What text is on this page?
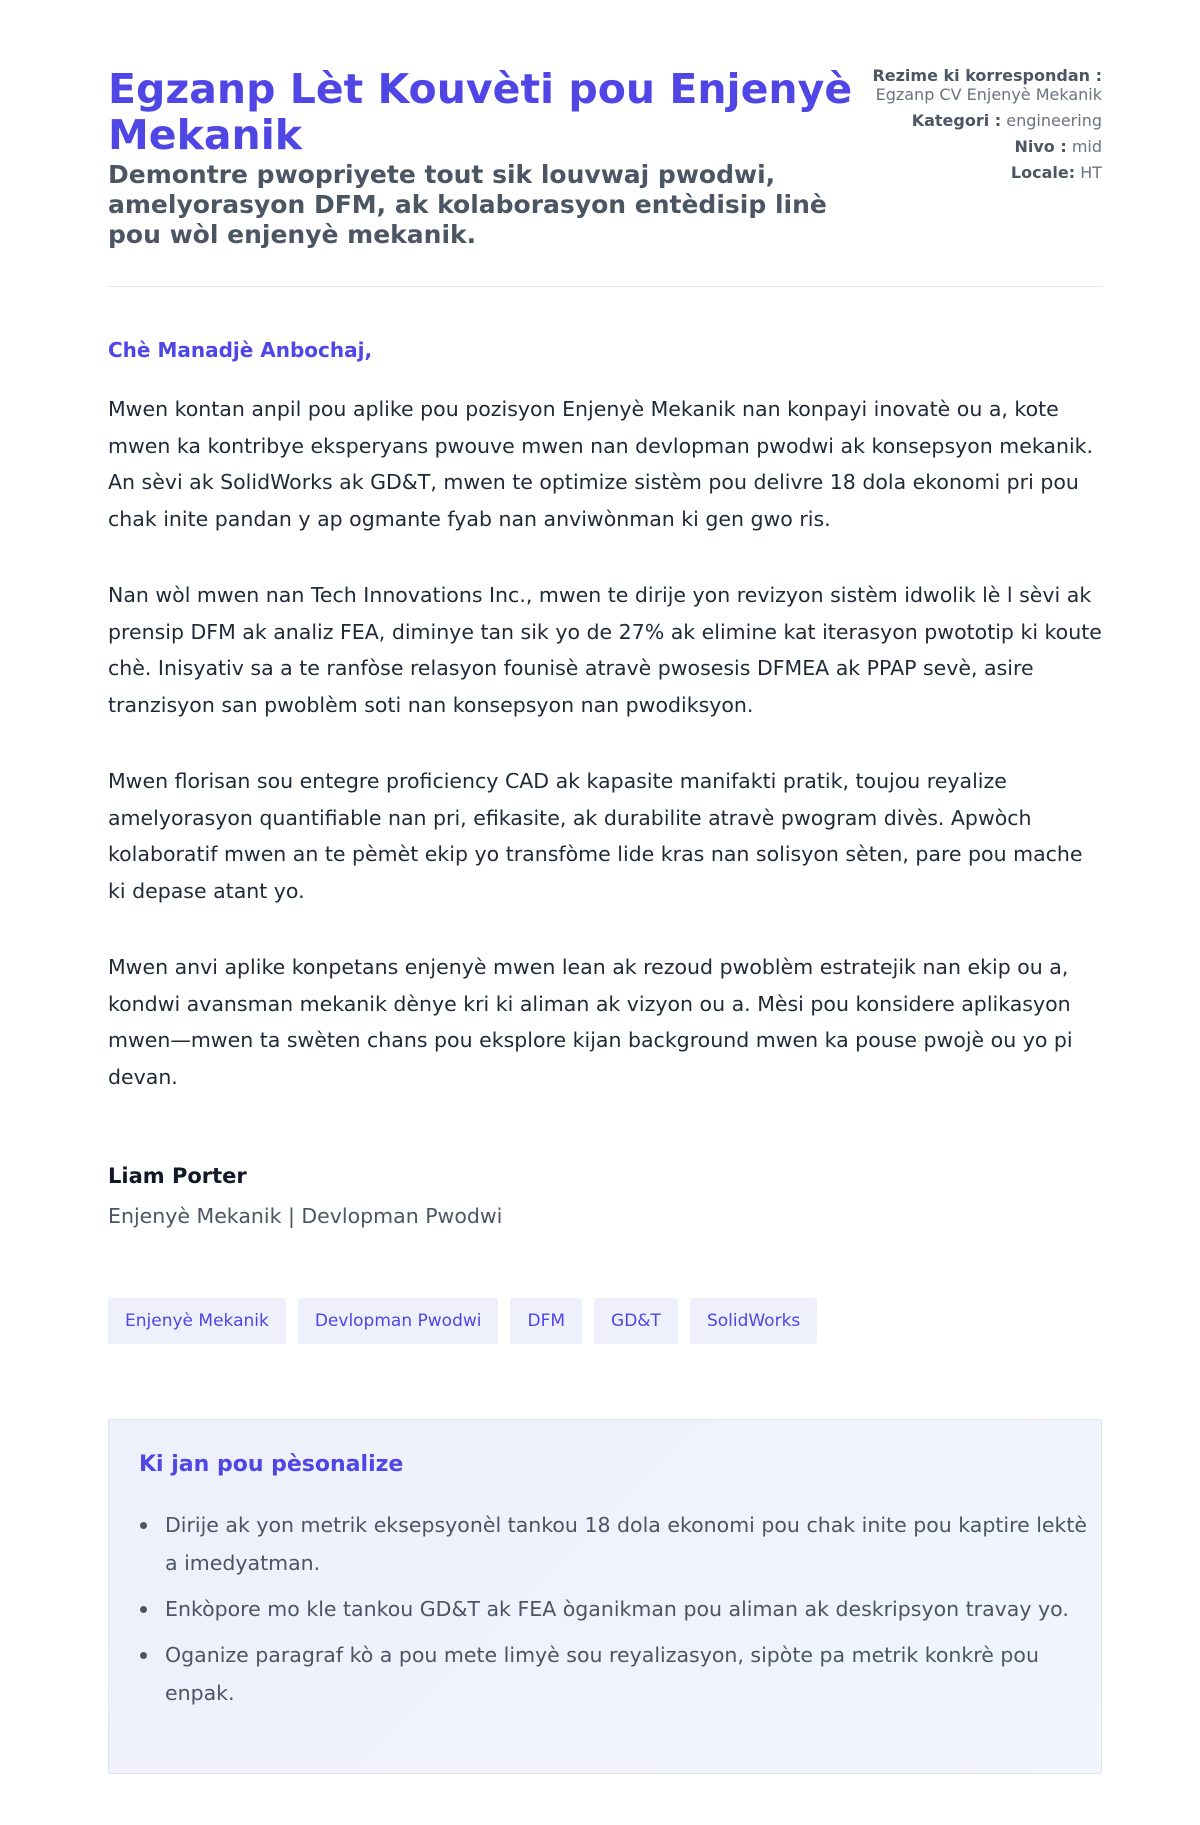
Egzanp Lèt Kouvèti pou Enjenyè Mekanik
Demontre pwopriyete tout sik louvwaj pwodwi, amelyorasyon DFM, ak kolaborasyon entèdisip linè pou wòl enjenyè mekanik.
Rezime ki korrespondan : Egzanp CV Enjenyè Mekanik
Kategori : engineering
Nivo : mid
Locale: HT

Chè Manadjè Anbochaj,

Mwen kontan anpil pou aplike pou pozisyon Enjenyè Mekanik nan konpayi inovatè ou a, kote mwen ka kontribye eksperyans pwouve mwen nan devlopman pwodwi ak konsepsyon mekanik. An sèvi ak SolidWorks ak GD&T, mwen te optimize sistèm pou delivre 18 dola ekonomi pri pou chak inite pandan y ap ogmante fyab nan anviwònman ki gen gwo ris.

Nan wòl mwen nan Tech Innovations Inc., mwen te dirije yon revizyon sistèm idwolik lè l sèvi ak prensip DFM ak analiz FEA, diminye tan sik yo de 27% ak elimine kat iterasyon pwototip ki koute chè. Inisyativ sa a te ranfòse relasyon founisè atravè pwosesis DFMEA ak PPAP sevè, asire tranzisyon san pwoblèm soti nan konsepsyon nan pwodiksyon.

Mwen florisan sou entegre proficiency CAD ak kapasite manifakti pratik, toujou reyalize amelyorasyon quantifiable nan pri, efikasite, ak durabilite atravè pwogram divès. Apwòch kolaboratif mwen an te pèmèt ekip yo transfòme lide kras nan solisyon sèten, pare pou mache ki depase atant yo.

Mwen anvi aplike konpetans enjenyè mwen lean ak rezoud pwoblèm estratejik nan ekip ou a, kondwi avansman mekanik dènye kri ki aliman ak vizyon ou a. Mèsi pou konsidere aplikasyon mwen—mwen ta swèten chans pou eksplore kijan background mwen ka pouse pwojè ou yo pi devan.

Liam Porter

Enjenyè Mekanik | Devlopman Pwodwi

Enjenyè Mekanik	Devlopman Pwodwi	DFM	GD&T	SolidWorks
Ki jan pou pèsonalize
Dirije ak yon metrik eksepsyonèl tankou 18 dola ekonomi pou chak inite pou kaptire lektè a imedyatman.
Enkòpore mo kle tankou GD&T ak FEA òganikman pou aliman ak deskripsyon travay yo.
Oganize paragraf kò a pou mete limyè sou reyalizasyon, sipòte pa metrik konkrè pou enpak.
